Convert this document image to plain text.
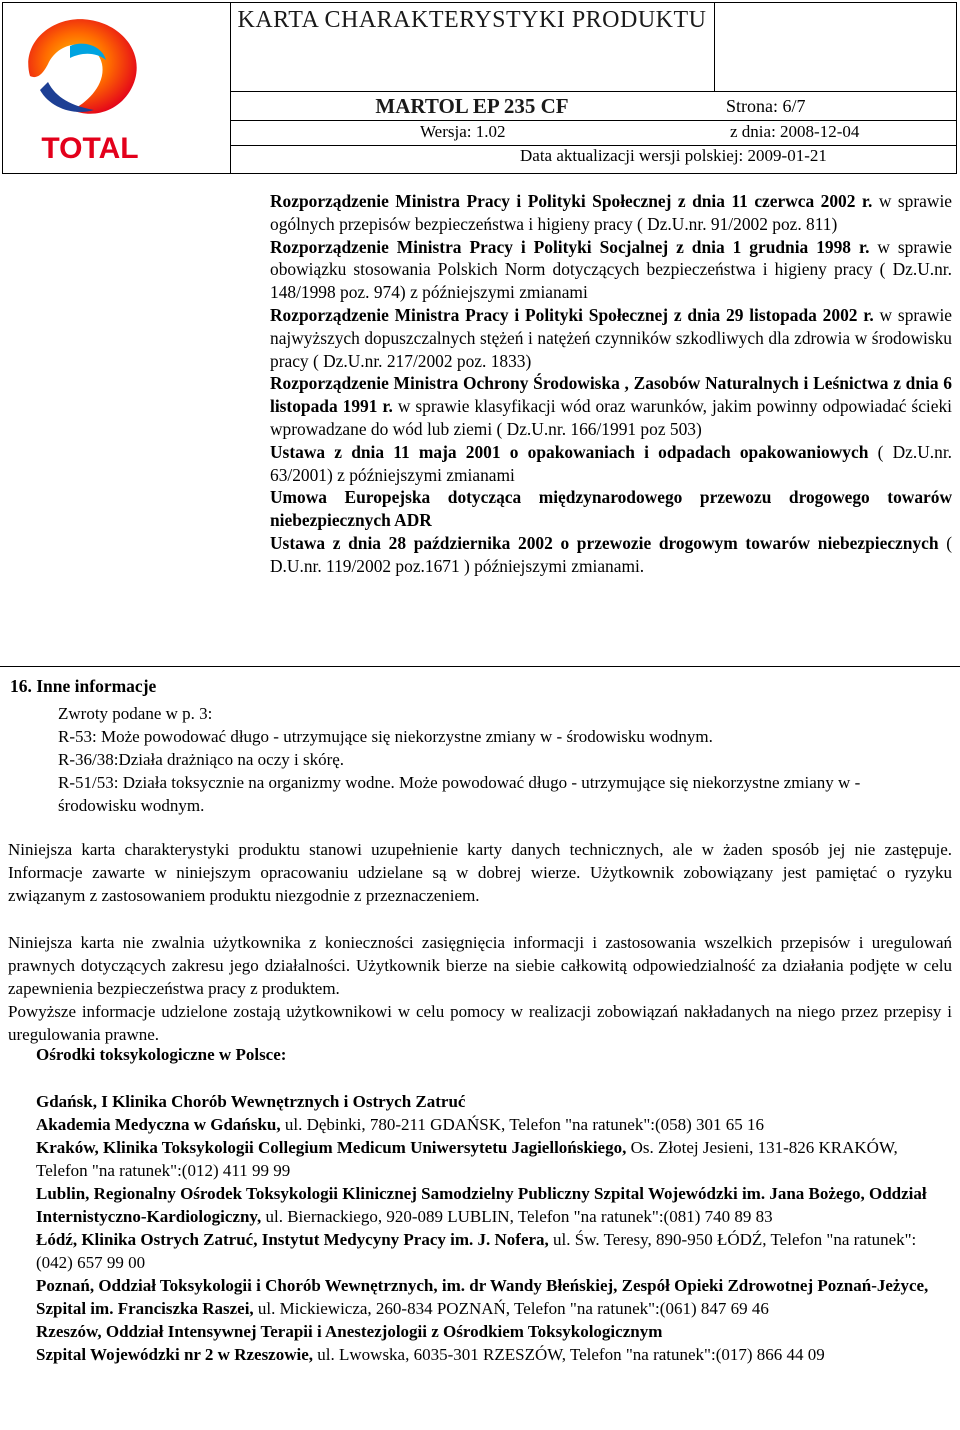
TOTAL
KARTA CHARAKTERYSTYKI PRODUKTU
MARTOL EP 235 CF	Strona: 6/7
Wersja: 1.02	z dnia: 2008-12-04
Data aktualizacji wersji polskiej: 2009-01-21

Rozporządzenie Ministra Pracy i Polityki Społecznej z dnia 11 czerwca 2002 r. w sprawie ogólnych przepisów bezpieczeństwa i higieny pracy ( Dz.U.nr. 91/2002 poz. 811)

Rozporządzenie Ministra Pracy i Polityki Socjalnej z dnia 1 grudnia 1998 r. w sprawie obowiązku stosowania Polskich Norm dotyczących bezpieczeństwa i higieny pracy ( Dz.U.nr. 148/1998 poz. 974) z późniejszymi zmianami

Rozporządzenie Ministra Pracy i Polityki Społecznej z dnia 29 listopada 2002 r. w sprawie najwyższych dopuszczalnych stężeń i natężeń czynników szkodliwych dla zdrowia w środowisku pracy ( Dz.U.nr. 217/2002 poz. 1833)

Rozporządzenie Ministra Ochrony Środowiska , Zasobów Naturalnych i Leśnictwa z dnia 6 listopada 1991 r. w sprawie klasyfikacji wód oraz warunków, jakim powinny odpowiadać ścieki wprowadzane do wód lub ziemi ( Dz.U.nr. 166/1991 poz 503)

Ustawa z dnia 11 maja 2001 o opakowaniach i odpadach opakowaniowych ( Dz.U.nr. 63/2001) z późniejszymi zmianami

Umowa Europejska dotycząca międzynarodowego przewozu drogowego towarów niebezpiecznych ADR

Ustawa z dnia 28 października 2002 o przewozie drogowym towarów niebezpiecznych ( D.U.nr. 119/2002 poz.1671 ) późniejszymi zmianami.

16. Inne informacje

Zwroty podane w p. 3:

R-53: Może powodować długo - utrzymujące się niekorzystne zmiany w - środowisku wodnym.

R-36/38:Działa drażniąco na oczy i skórę.

R-51/53: Działa toksycznie na organizmy wodne. Może powodować długo - utrzymujące się niekorzystne zmiany w - środowisku wodnym.

Niniejsza karta charakterystyki produktu stanowi uzupełnienie karty danych technicznych, ale w żaden sposób jej nie zastępuje. Informacje zawarte w niniejszym opracowaniu udzielane są w dobrej wierze. Użytkownik zobowiązany jest pamiętać o ryzyku związanym z zastosowaniem produktu niezgodnie z przeznaczeniem.

Niniejsza karta nie zwalnia użytkownika z konieczności zasięgnięcia informacji i zastosowania wszelkich przepisów i uregulowań prawnych dotyczących zakresu jego działalności. Użytkownik bierze na siebie całkowitą odpowiedzialność za działania podjęte w celu zapewnienia bezpieczeństwa pracy z produktem.

Powyższe informacje udzielone zostają użytkownikowi w celu pomocy w realizacji zobowiązań nakładanych na niego przez przepisy i uregulowania prawne.

Ośrodki toksykologiczne w Polsce:

Gdańsk, I Klinika Chorób Wewnętrznych i Ostrych Zatruć

Akademia Medyczna w Gdańsku, ul. Dębinki, 780-211 GDAŃSK, Telefon "na ratunek":(058) 301 65 16

Kraków, Klinika Toksykologii Collegium Medicum Uniwersytetu Jagiellońskiego, Os. Złotej Jesieni, 131-826 KRAKÓW, Telefon "na ratunek":(012) 411 99 99

Lublin, Regionalny Ośrodek Toksykologii Klinicznej Samodzielny Publiczny Szpital Wojewódzki im. Jana Bożego, Oddział Internistyczno-Kardiologiczny, ul. Biernackiego, 920-089 LUBLIN, Telefon "na ratunek":(081) 740 89 83

Łódź, Klinika Ostrych Zatruć, Instytut Medycyny Pracy im. J. Nofera, ul. Św. Teresy, 890-950 ŁÓDŹ, Telefon "na ratunek":(042) 657 99 00

Poznań, Oddział Toksykologii i Chorób Wewnętrznych, im. dr Wandy Błeńskiej, Zespół Opieki Zdrowotnej Poznań-Jeżyce, Szpital im. Franciszka Raszei, ul. Mickiewicza, 260-834 POZNAŃ, Telefon "na ratunek":(061) 847 69 46

Rzeszów, Oddział Intensywnej Terapii i Anestezjologii z Ośrodkiem Toksykologicznym

Szpital Wojewódzki nr 2 w Rzeszowie, ul. Lwowska, 6035-301 RZESZÓW, Telefon "na ratunek":(017) 866 44 09
